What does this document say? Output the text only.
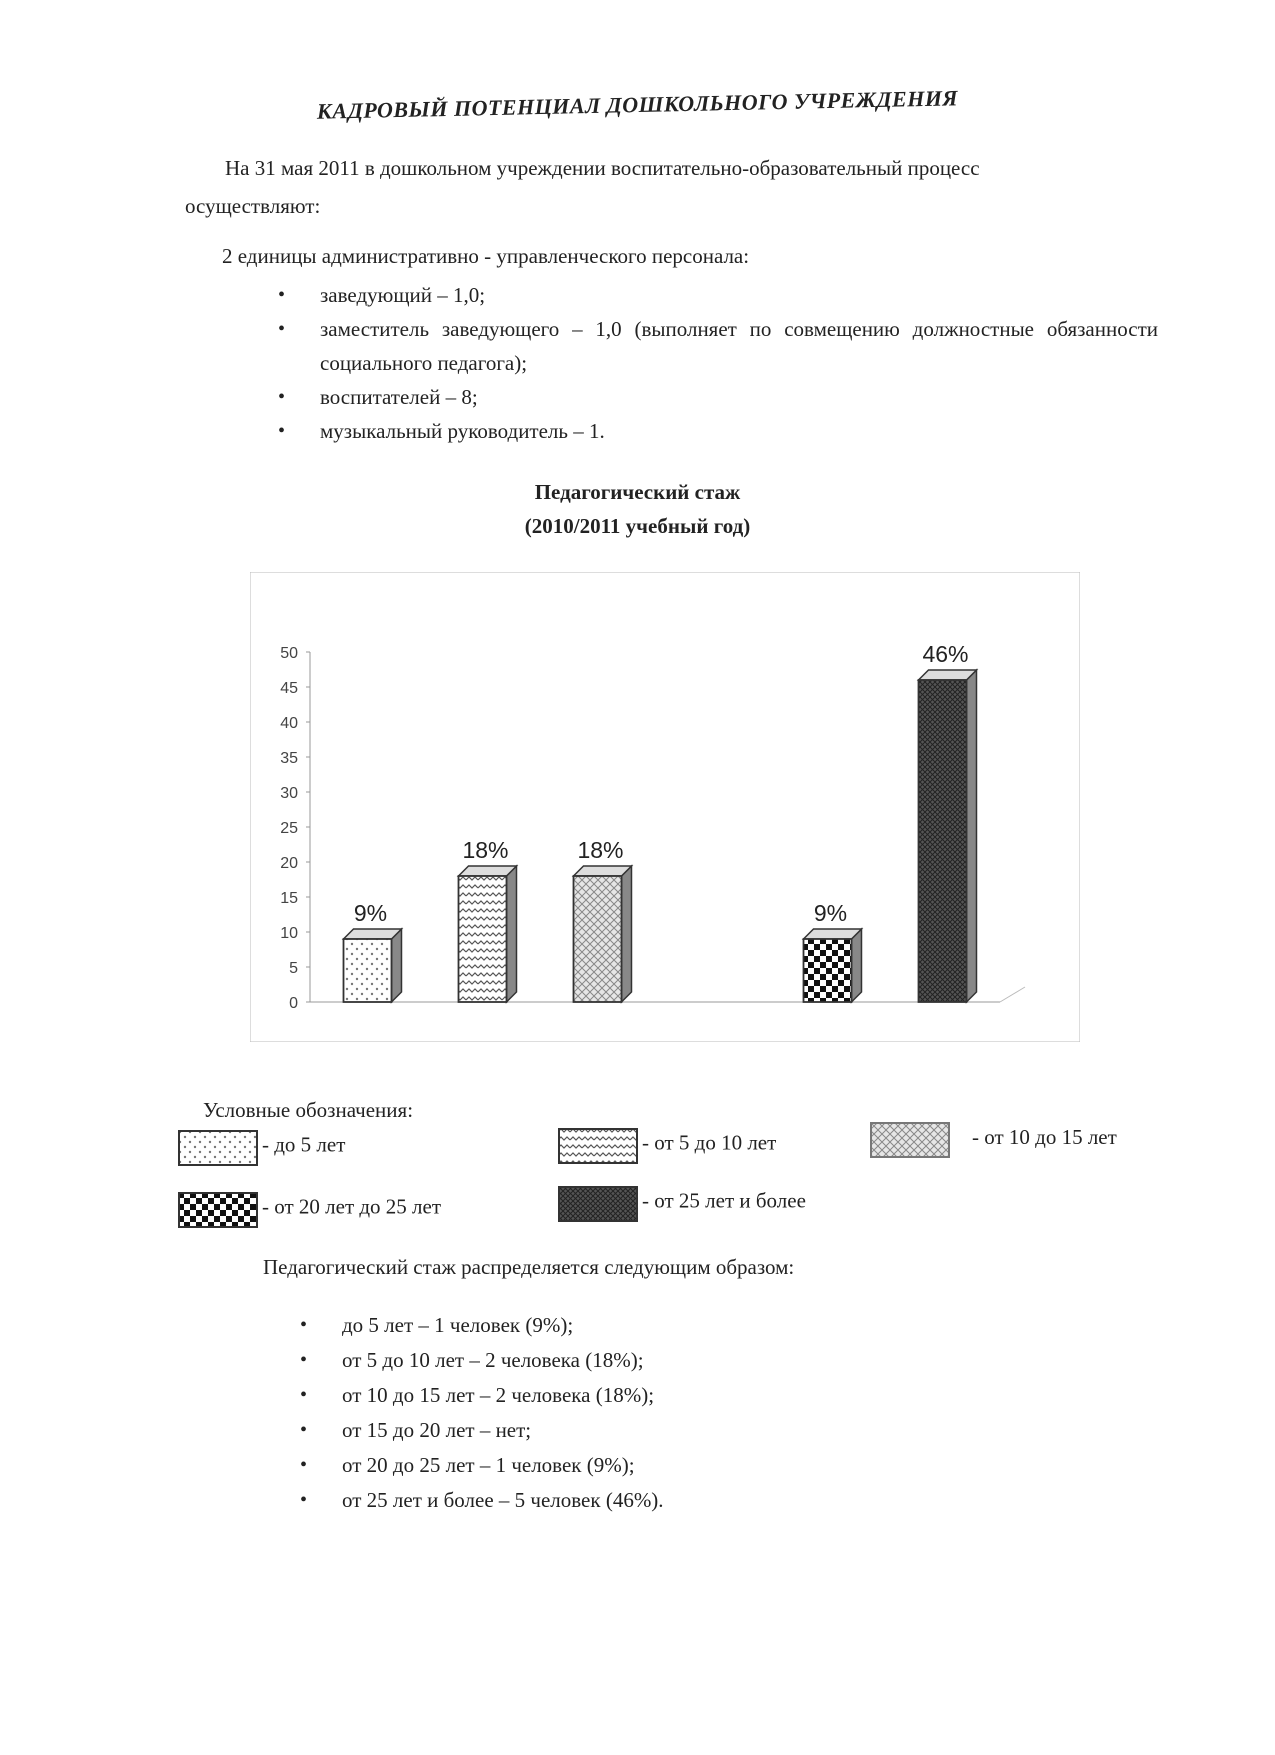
КАДРОВЫЙ ПОТЕНЦИАЛ ДОШКОЛЬНОГО УЧРЕЖДЕНИЯ
На 31 мая 2011 в дошкольном учреждении воспитательно-образовательный процесс
осуществляют:
2 единицы административно - управленческого персонала:
• заведующий – 1,0;
• заместитель заведующего – 1,0 (выполняет по совмещению должностные обязанности социального педагога);
• воспитателей – 8;
• музыкальный руководитель – 1.
Педагогический стаж
(2010/2011 учебный год)
0
5
10
15
20
25
30
35
40
45
50
9%
18%	18%
9%
46%
Условные обозначения:
- до 5 лет	- от 5 до 10 лет	- от 10 до 15 лет
- от 20 лет до 25 лет	- от 25 лет и более
Педагогический стаж распределяется следующим образом:
• до 5 лет – 1 человек (9%);
• от 5 до 10 лет – 2 человека (18%);
• от 10 до 15 лет – 2 человека (18%);
• от 15 до 20 лет – нет;
• от 20 до 25 лет – 1 человек (9%);
• от 25 лет и более – 5 человек (46%).
